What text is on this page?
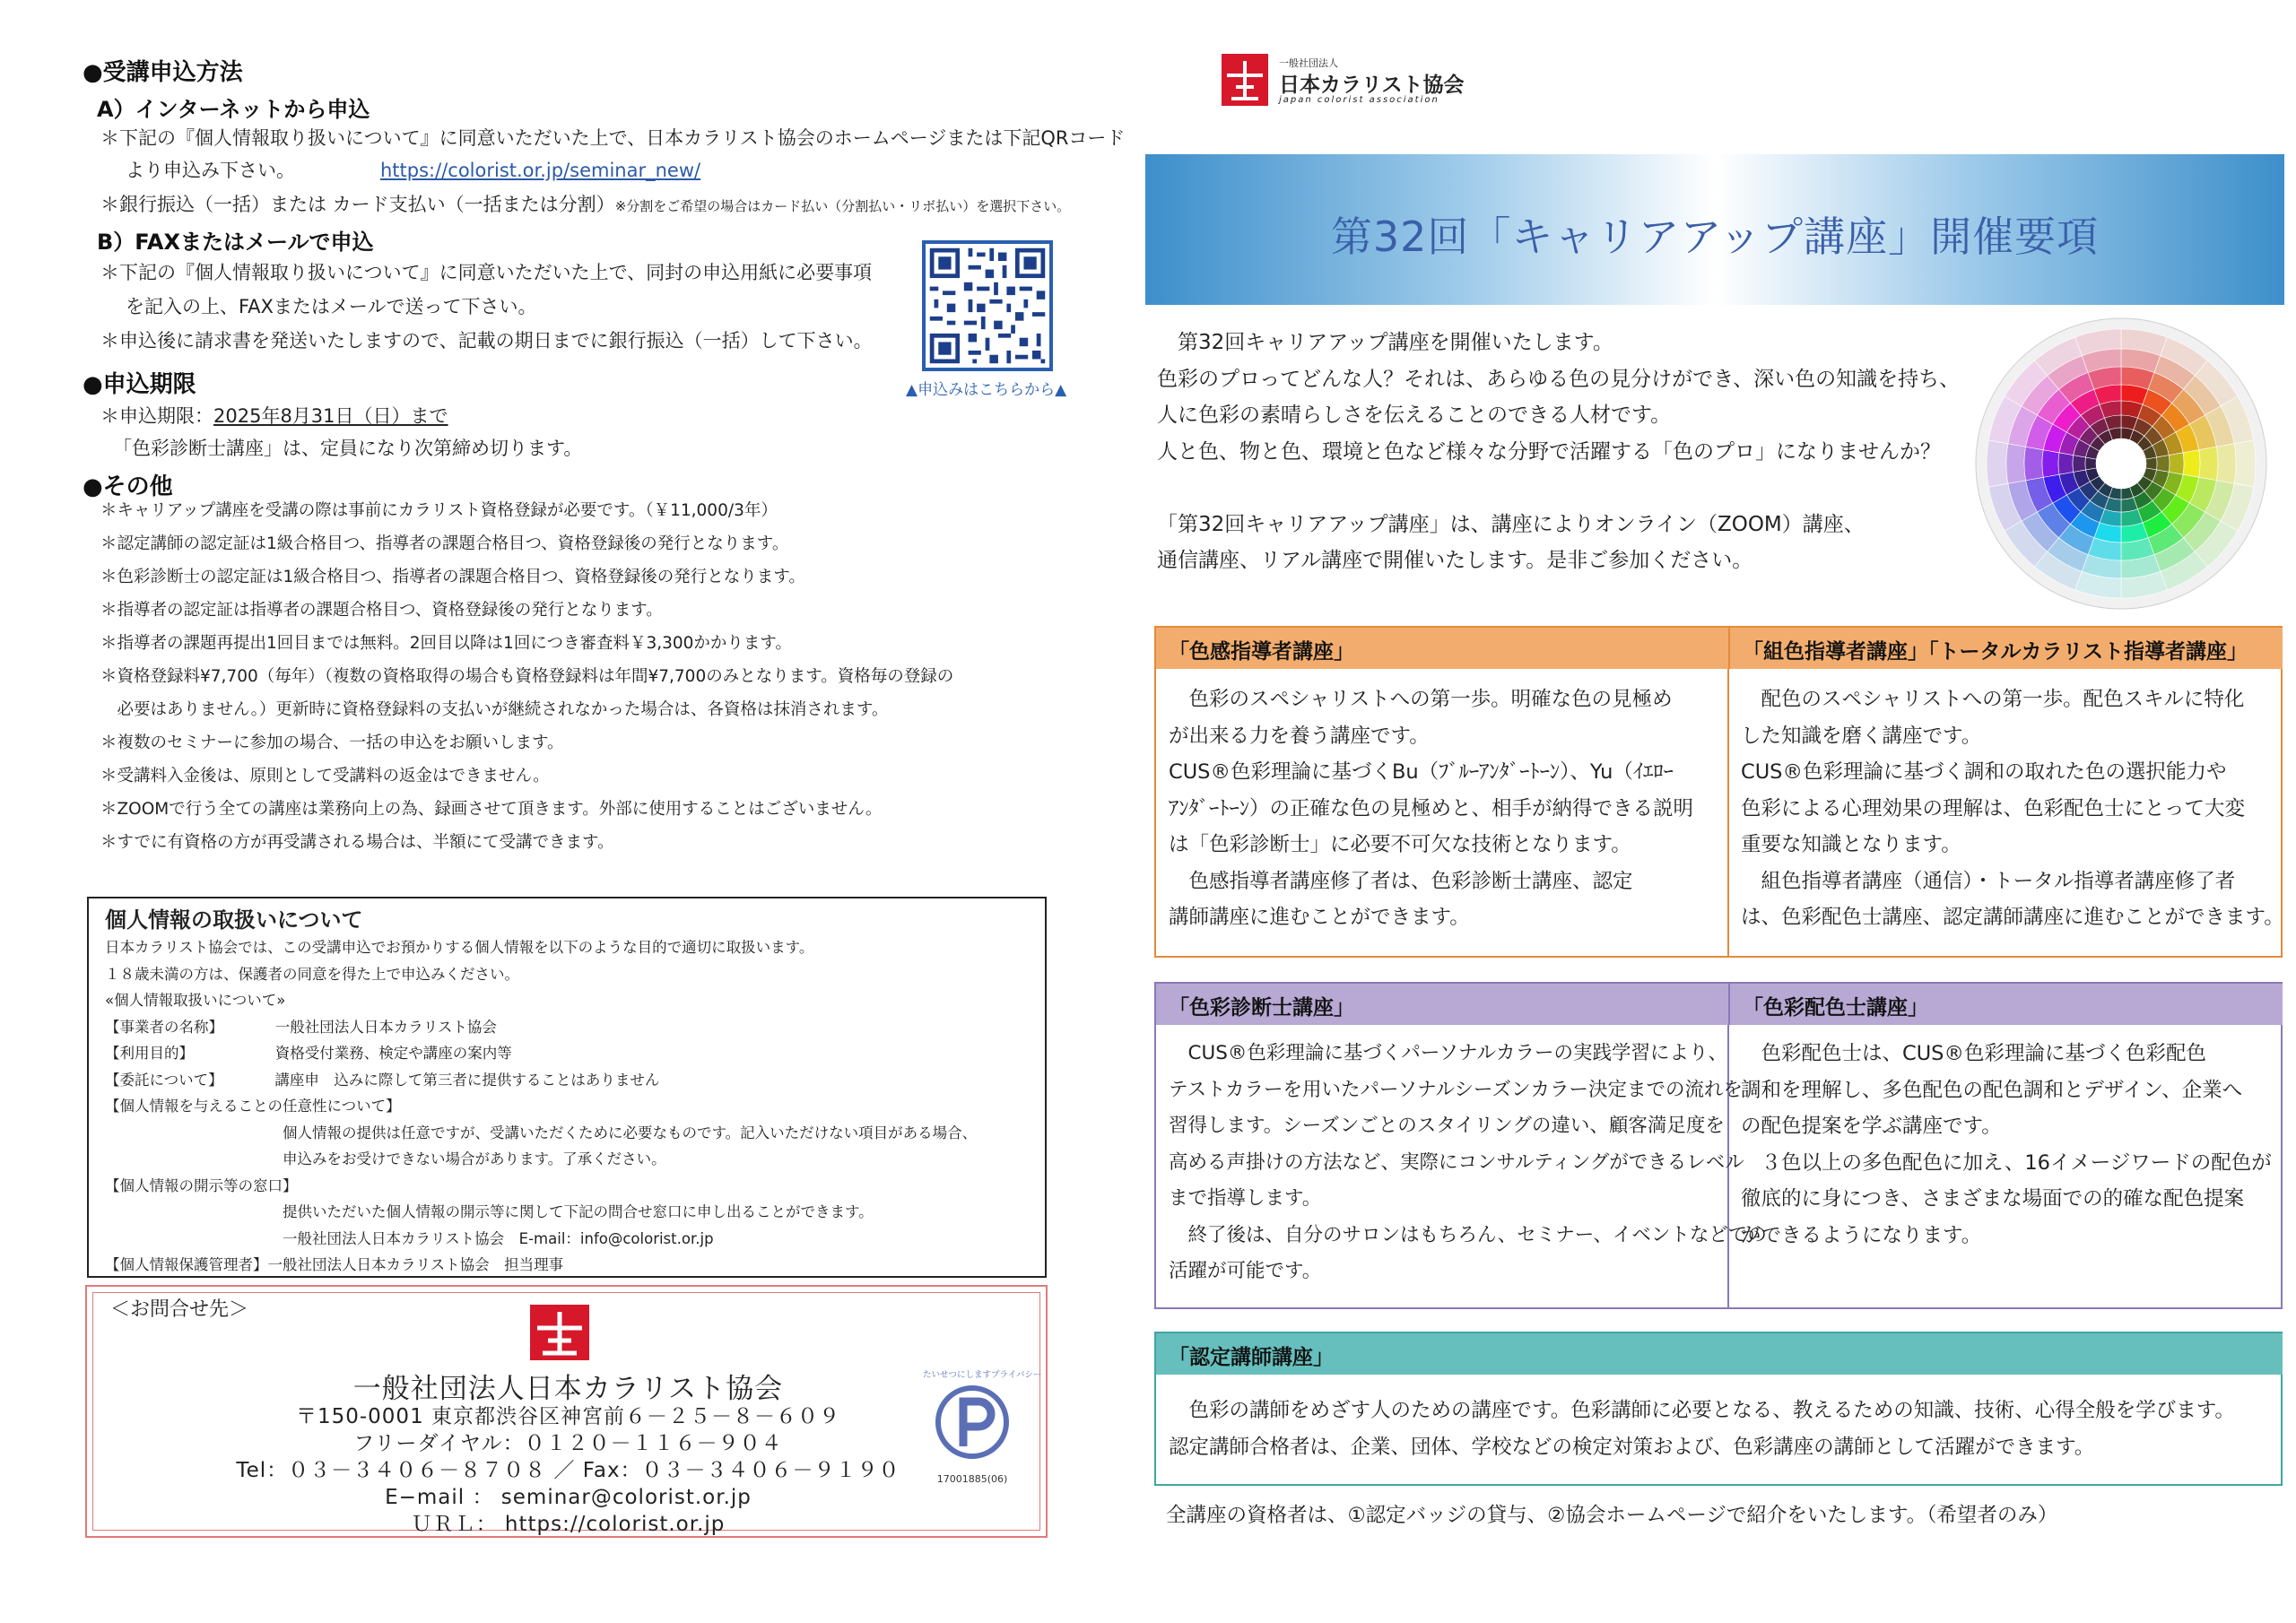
●受講申込方法
A）インターネットから申込
＊下記の『個人情報取り扱いについて』に同意いただいた上で、日本カラリスト協会のホームページまたは下記QRコード
より申込み下さい。	https://colorist.or.jp/seminar_new/
＊銀行振込（一括）または カード支払い（一括または分割）※分割をご希望の場合はカード払い（分割払い・リボ払い）を選択下さい。
B）FAXまたはメールで申込
＊下記の『個人情報取り扱いについて』に同意いただいた上で、同封の申込用紙に必要事項
を記入の上、FAXまたはメールで送って下さい。
＊申込後に請求書を発送いたしますので、記載の期日までに銀行振込（一括）して下さい。
▲申込みはこちらから▲
●申込期限
＊申込期限：2025年8月31日（日）まで
「色彩診断士講座」は、定員になり次第締め切ります。
●その他
＊キャリアップ講座を受講の際は事前にカラリスト資格登録が必要です。（￥11,000/3年）
＊認定講師の認定証は1級合格目つ、指導者の課題合格目つ、資格登録後の発行となります。
＊色彩診断士の認定証は1級合格目つ、指導者の課題合格目つ、資格登録後の発行となります。
＊指導者の認定証は指導者の課題合格目つ、資格登録後の発行となります。
＊指導者の課題再提出1回目までは無料。2回目以降は1回につき審査料￥3,300かかります。
＊資格登録料¥7,700（毎年）（複数の資格取得の場合も資格登録料は年間¥7,700のみとなります。資格毎の登録の
　必要はありません。）更新時に資格登録料の支払いが継続されなかった場合は、各資格は抹消されます。
＊複数のセミナーに参加の場合、一括の申込をお願いします。
＊受講料入金後は、原則として受講料の返金はできません。
＊ZOOMで行う全ての講座は業務向上の為、録画させて頂きます。外部に使用することはございません。
＊すでに有資格の方が再受講される場合は、半額にて受講できます。
個人情報の取扱いについて
日本カラリスト協会では、この受講申込でお預かりする個人情報を以下のような目的で適切に取扱います。
１８歳未満の方は、保護者の同意を得た上で申込みください。
«個人情報取扱いについて»
【事業者の名称】　　　　一般社団法人日本カラリスト協会
【利用目的】　　　　　　資格受付業務、検定や講座の案内等
【委託について】　　　　講座申　込みに際して第三者に提供することはありません
【個人情報を与えることの任意性について】
　　　　　　　　　　　　個人情報の提供は任意ですが、受講いただくために必要なものです。記入いただけない項目がある場合、
　　　　　　　　　　　　申込みをお受けできない場合があります。了承ください。
【個人情報の開示等の窓口】
　　　　　　　　　　　　提供いただいた個人情報の開示等に関して下記の問合せ窓口に申し出ることができます。
　　　　　　　　　　　　一般社団法人日本カラリスト協会　E-mail：info@colorist.or.jp
【個人情報保護管理者】一般社団法人日本カラリスト協会　担当理事
＜お問合せ先＞
一般社団法人日本カラリスト協会
〒150-0001 東京都渋谷区神宮前６－２５－８－６０９
フリーダイヤル：０１２０－１１６－９０４
Tel：０３－３４０６－８７０８ ／ Fax：０３－３４０６－９１９０
E−mail ： seminar@colorist.or.jp
ＵＲＬ： https://colorist.or.jp
たいせつにしますプライバシー
17001885(06)
一般社団法人
日本カラリスト協会
japan colorist association
第32回「キャリアアップ講座」開催要項
　第32回キャリアアップ講座を開催いたします。
色彩のプロってどんな人？それは、あらゆる色の見分けができ、深い色の知識を持ち、
人に色彩の素晴らしさを伝えることのできる人材です。
人と色、物と色、環境と色など様々な分野で活躍する「色のプロ」になりませんか？
「第32回キャリアアップ講座」は、講座によりオンライン（ZOOM）講座、
通信講座、リアル講座で開催いたします。是非ご参加ください。
「色感指導者講座」	「組色指導者講座」「トータルカラリスト指導者講座」
　色彩のスペシャリストへの第一歩。明確な色の見極め
が出来る力を養う講座です。
CUS®色彩理論に基づくBu（ﾌﾞﾙｰｱﾝﾀﾞｰﾄｰﾝ）、Yu（ｲｴﾛｰ
ｱﾝﾀﾞｰﾄｰﾝ）の正確な色の見極めと、相手が納得できる説明
は「色彩診断士」に必要不可欠な技術となります。
　色感指導者講座修了者は、色彩診断士講座、認定
講師講座に進むことができます。
　配色のスペシャリストへの第一歩。配色スキルに特化
した知識を磨く講座です。
CUS®色彩理論に基づく調和の取れた色の選択能力や
色彩による心理効果の理解は、色彩配色士にとって大変
重要な知識となります。
　組色指導者講座（通信）・トータル指導者講座修了者
は、色彩配色士講座、認定講師講座に進むことができます。
「色彩診断士講座」	「色彩配色士講座」
　CUS®色彩理論に基づくパーソナルカラーの実践学習により、
テストカラーを用いたパーソナルシーズンカラー決定までの流れを
習得します。シーズンごとのスタイリングの違い、顧客満足度を
高める声掛けの方法など、実際にコンサルティングができるレベル
まで指導します。
　終了後は、自分のサロンはもちろん、セミナー、イベントなどでの
活躍が可能です。
　色彩配色士は、CUS®色彩理論に基づく色彩配色
調和を理解し、多色配色の配色調和とデザイン、企業へ
の配色提案を学ぶ講座です。
　３色以上の多色配色に加え、16イメージワードの配色が
徹底的に身につき、さまざまな場面での的確な配色提案
ができるようになります。
「認定講師講座」
　色彩の講師をめざす人のための講座です。色彩講師に必要となる、教えるための知識、技術、心得全般を学びます。
認定講師合格者は、企業、団体、学校などの検定対策および、色彩講座の講師として活躍ができます。
全講座の資格者は、①認定バッジの貸与、②協会ホームページで紹介をいたします。（希望者のみ）
